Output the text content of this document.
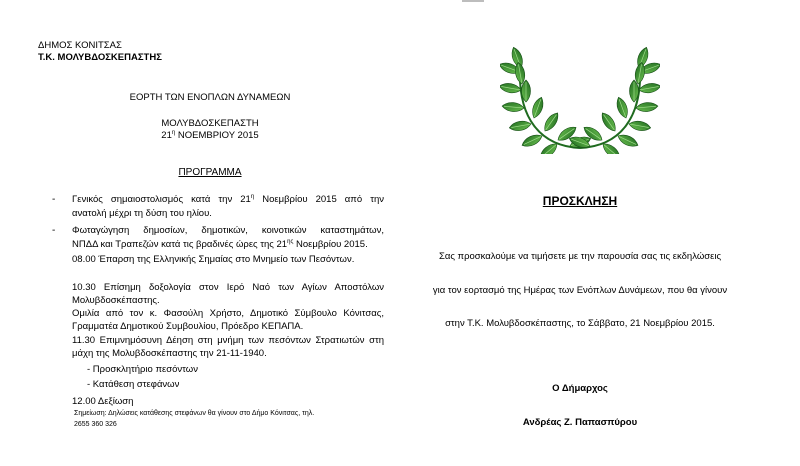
ΔΗΜΟΣ ΚΟΝΙΤΣΑΣ
Τ.Κ. ΜΟΛΥΒΔΟΣΚΕΠΑΣΤΗΣ
ΕΟΡΤΗ ΤΩΝ ΕΝΟΠΛΩΝ ΔΥΝΑΜΕΩΝ
ΜΟΛΥΒΔΟΣΚΕΠΑΣΤΗ
$21^\eta$ ΝΟΕΜΒΡΙΟΥ 2015
ΠΡΟΓΡΑΜΜΑ
- Γενικός σημαιοστολισμός κατά την $21^\eta$ Νοεμβρίου 2015 από την
ανατολή μέχρι τη δύση του ηλίου.
- Φωταγώγηση δημοσίων, δημοτικών, κοινοτικών καταστημάτων,
ΝΠΔΔ και Τραπεζών κατά τις βραδινές ώρες της $21^{\eta\varsigma}$ Νοεμβρίου 2015.
08.00 Έπαρση της Ελληνικής Σημαίας στο Μνημείο των Πεσόντων.
10.30 Επίσημη δοξολογία στον Ιερό Ναό των Αγίων Αποστόλων
Μολυβδοσκέπαστης.
Ομιλία από τον κ. Φασούλη Χρήστο, Δημοτικό Σύμβουλο Κόνιτσας,
Γραμματέα Δημοτικού Συμβουλίου, Πρόεδρο ΚΕΠΑΠΑ.
11.30 Επιμνημόσυνη Δέηση στη μνήμη των πεσόντων Στρατιωτών στη
μάχη της Μολυβδοσκέπαστης την 21-11-1940.
- Προσκλητήριο πεσόντων
- Κατάθεση στεφάνων
12.00 Δεξίωση
Σημείωση: Δηλώσεις κατάθεσης στεφάνων θα γίνουν στο Δήμο Κόνιτσας, τηλ.
2655 360 326
ΠΡΟΣΚΛΗΣΗ
Σας προσκαλούμε να τιμήσετε με την παρουσία σας τις εκδηλώσεις
για τον εορτασμό της Ημέρας των Ενόπλων Δυνάμεων, που θα γίνουν
στην Τ.Κ. Μολυβδοσκέπαστης, το Σάββατο, 21 Νοεμβρίου 2015.
Ο Δήμαρχος
Ανδρέας Ζ. Παπασπύρου
